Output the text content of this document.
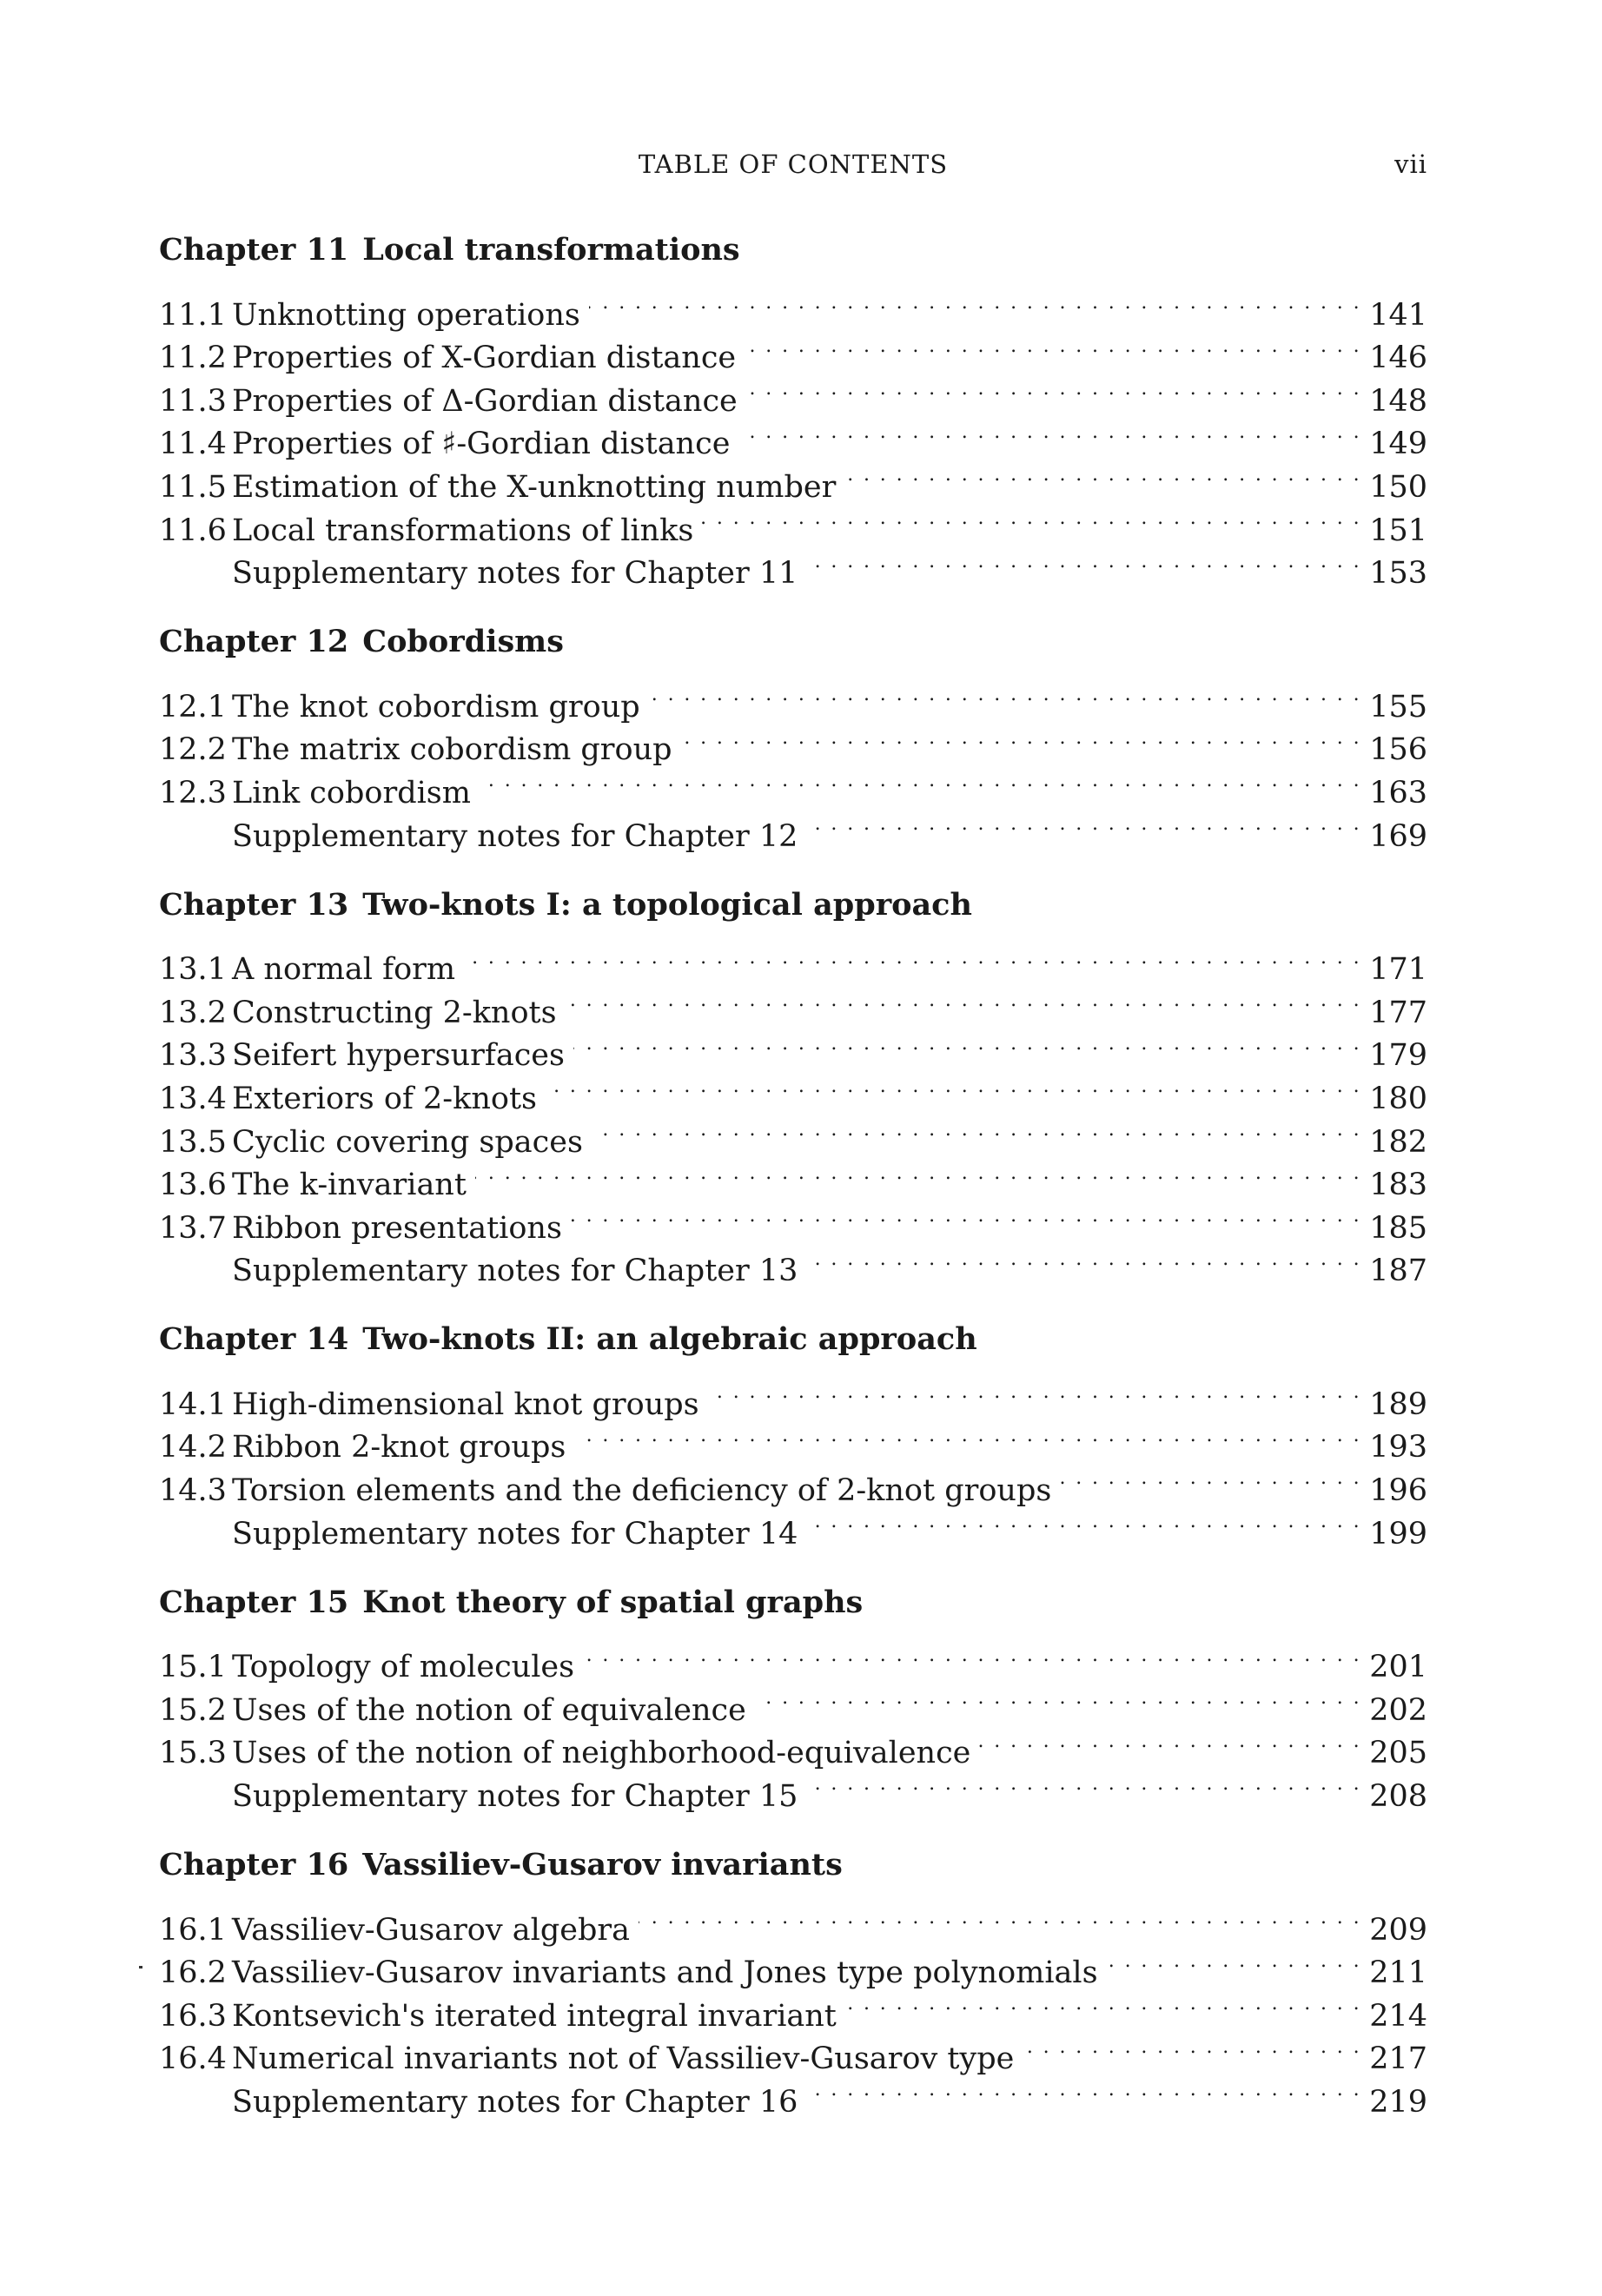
TABLE OF CONTENTS	vii
Chapter 11 Local transformations
11.1 Unknotting operations . . .	141
11.2 Properties of X-Gordian distance . . .	146
11.3 Properties of Δ-Gordian distance . . .	148
11.4 Properties of ♯-Gordian distance . . .	149
11.5 Estimation of the X-unknotting number . . .	150
11.6 Local transformations of links . . .	151
Supplementary notes for Chapter 11 . . .	153
Chapter 12 Cobordisms
12.1 The knot cobordism group . . .	155
12.2 The matrix cobordism group . . .	156
12.3 Link cobordism . . .	163
Supplementary notes for Chapter 12 . . .	169
Chapter 13 Two-knots I: a topological approach
13.1 A normal form . . .	171
13.2 Constructing 2-knots . . .	177
13.3 Seifert hypersurfaces . . .	179
13.4 Exteriors of 2-knots . . .	180
13.5 Cyclic covering spaces . . .	182
13.6 The k-invariant . . .	183
13.7 Ribbon presentations . . .	185
Supplementary notes for Chapter 13 . . .	187
Chapter 14 Two-knots II: an algebraic approach
14.1 High-dimensional knot groups . . .	189
14.2 Ribbon 2-knot groups . . .	193
14.3 Torsion elements and the deficiency of 2-knot groups . . .	196
Supplementary notes for Chapter 14 . . .	199
Chapter 15 Knot theory of spatial graphs
15.1 Topology of molecules . . .	201
15.2 Uses of the notion of equivalence . . .	202
15.3 Uses of the notion of neighborhood-equivalence . . .	205
Supplementary notes for Chapter 15 . . .	208
Chapter 16 Vassiliev-Gusarov invariants
16.1 Vassiliev-Gusarov algebra . . .	209
16.2 Vassiliev-Gusarov invariants and Jones type polynomials . . .	211
16.3 Kontsevich's iterated integral invariant . . .	214
16.4 Numerical invariants not of Vassiliev-Gusarov type . . .	217
Supplementary notes for Chapter 16 . . .	219
